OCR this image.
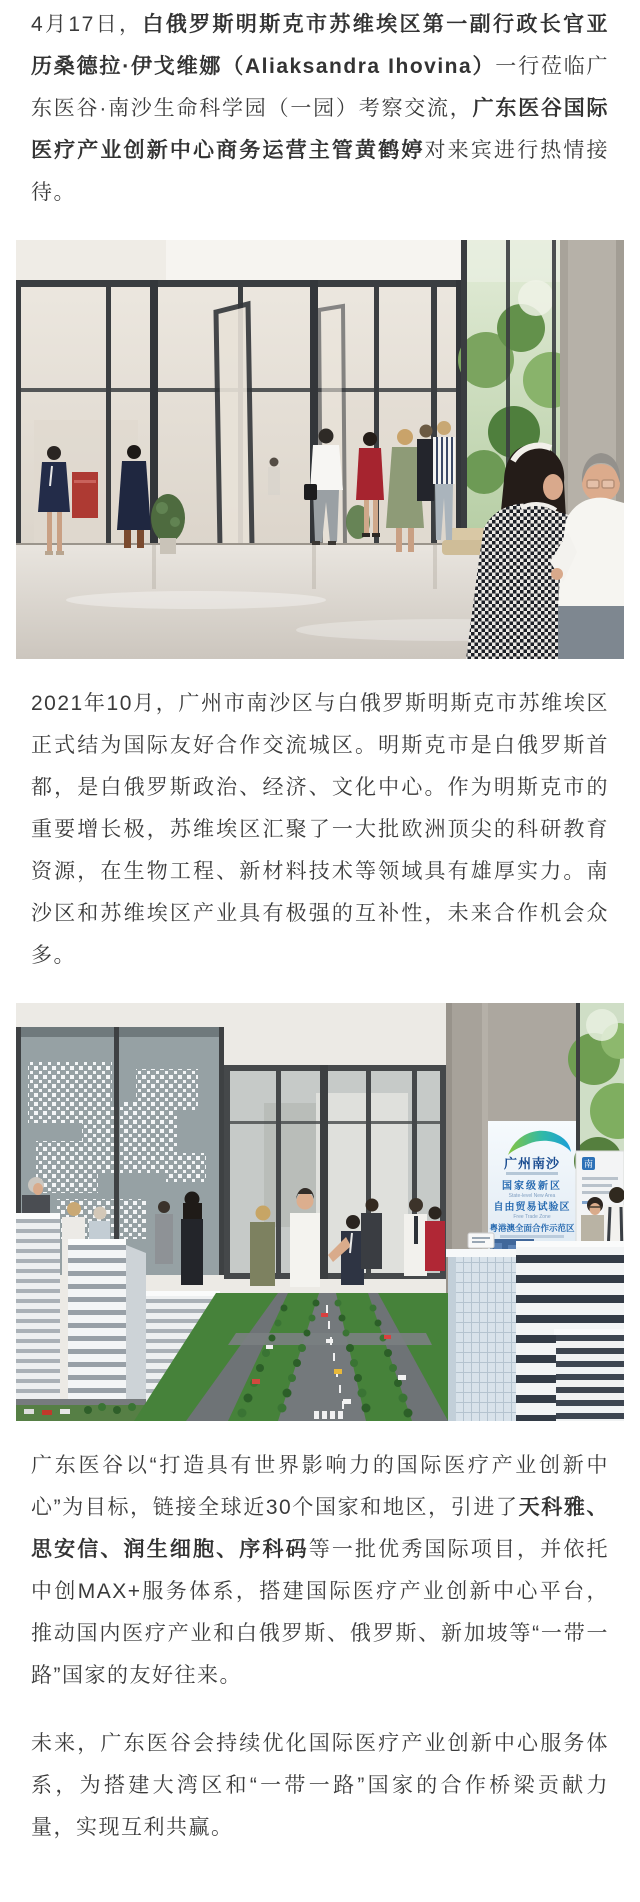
4月17日，白俄罗斯明斯克市苏维埃区第一副行政长官亚历桑德拉·伊戈维娜（Aliaksandra Ihovina）一行莅临广东医谷·南沙生命科学园（一园）考察交流，广东医谷国际医疗产业创新中心商务运营主管黄鹤婷对来宾进行热情接待。

2021年10月，广州市南沙区与白俄罗斯明斯克市苏维埃区正式结为国际友好合作交流城区。明斯克市是白俄罗斯首都，是白俄罗斯政治、经济、文化中心。作为明斯克市的重要增长极，苏维埃区汇聚了一大批欧洲顶尖的科研教育资源，在生物工程、新材料技术等领域具有雄厚实力。南沙区和苏维埃区产业具有极强的互补性，未来合作机会众多。

广州南沙
国家级新区
State-level New Area
自由贸易试验区
Free Trade Zone
粤港澳全面合作示范区
南

广东医谷以“打造具有世界影响力的国际医疗产业创新中心”为目标，链接全球近30个国家和地区，引进了天科雅、思安信、润生细胞、序科码等一批优秀国际项目，并依托中创MAX+服务体系，搭建国际医疗产业创新中心平台，推动国内医疗产业和白俄罗斯、俄罗斯、新加坡等“一带一路”国家的友好往来。

未来，广东医谷会持续优化国际医疗产业创新中心服务体系，为搭建大湾区和“一带一路”国家的合作桥梁贡献力量，实现互利共赢。
